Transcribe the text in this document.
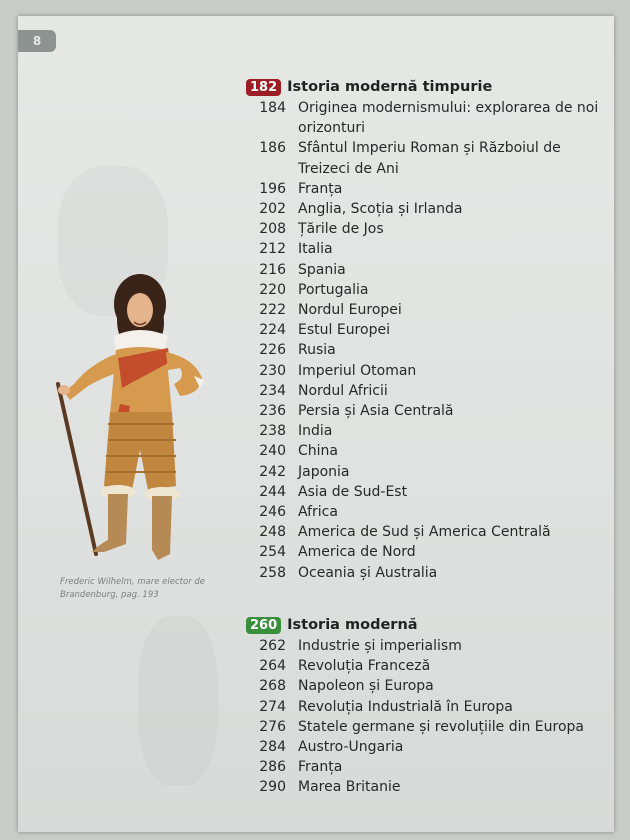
8
Frederic Wilhelm, mare elector de Brandenburg, pag. 193
182 Istoria modernă timpurie
184 Originea modernismului: explorarea de noi orizonturi
186 Sfântul Imperiu Roman și Războiul de Treizeci de Ani
196 Franța
202 Anglia, Scoția și Irlanda
208 Țările de Jos
212 Italia
216 Spania
220 Portugalia
222 Nordul Europei
224 Estul Europei
226 Rusia
230 Imperiul Otoman
234 Nordul Africii
236 Persia și Asia Centrală
238 India
240 China
242 Japonia
244 Asia de Sud-Est
246 Africa
248 America de Sud și America Centrală
254 America de Nord
258 Oceania și Australia
260 Istoria modernă
262 Industrie și imperialism
264 Revoluția Franceză
268 Napoleon și Europa
274 Revoluția Industrială în Europa
276 Statele germane și revoluțiile din Europa
284 Austro-Ungaria
286 Franța
290 Marea Britanie
